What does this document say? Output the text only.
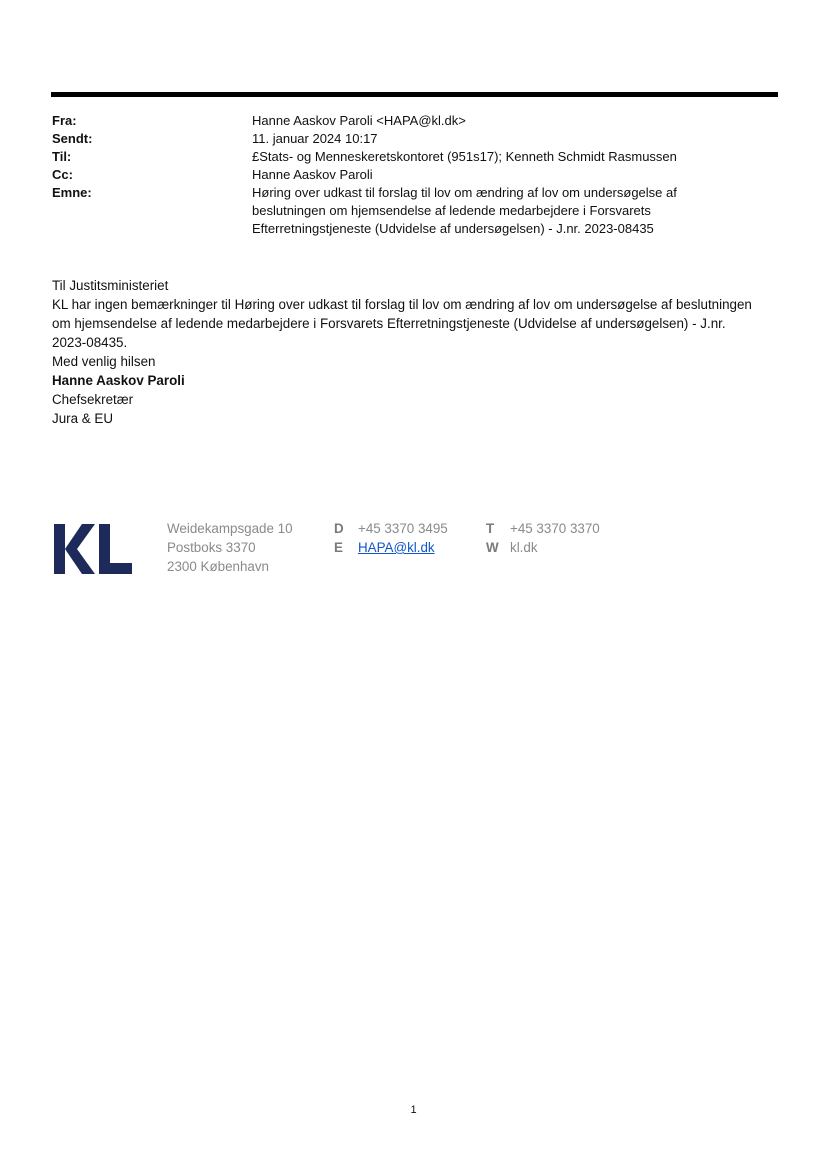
Fra:	Hanne Aaskov Paroli <HAPA@kl.dk>
Sendt:	11. januar 2024 10:17
Til:	£Stats- og Menneskeretskontoret (951s17); Kenneth Schmidt Rasmussen
Cc:	Hanne Aaskov Paroli
Emne:	Høring over udkast til forslag til lov om ændring af lov om undersøgelse af beslutningen om hjemsendelse af ledende medarbejdere i Forsvarets Efterretningstjeneste (Udvidelse af undersøgelsen) - J.nr. 2023-08435

Til Justitsministeriet

KL har ingen bemærkninger til Høring over udkast til forslag til lov om ændring af lov om undersøgelse af beslutningen om hjemsendelse af ledende medarbejdere i Forsvarets Efterretningstjeneste (Udvidelse af undersøgelsen) - J.nr. 2023-08435.

Med venlig hilsen

Hanne Aaskov Paroli

Chefsekretær

Jura & EU

Weidekampsgade 10
Postboks 3370
2300 København
D +45 3370 3495
E HAPA@kl.dk
T +45 3370 3370
W kl.dk
1
